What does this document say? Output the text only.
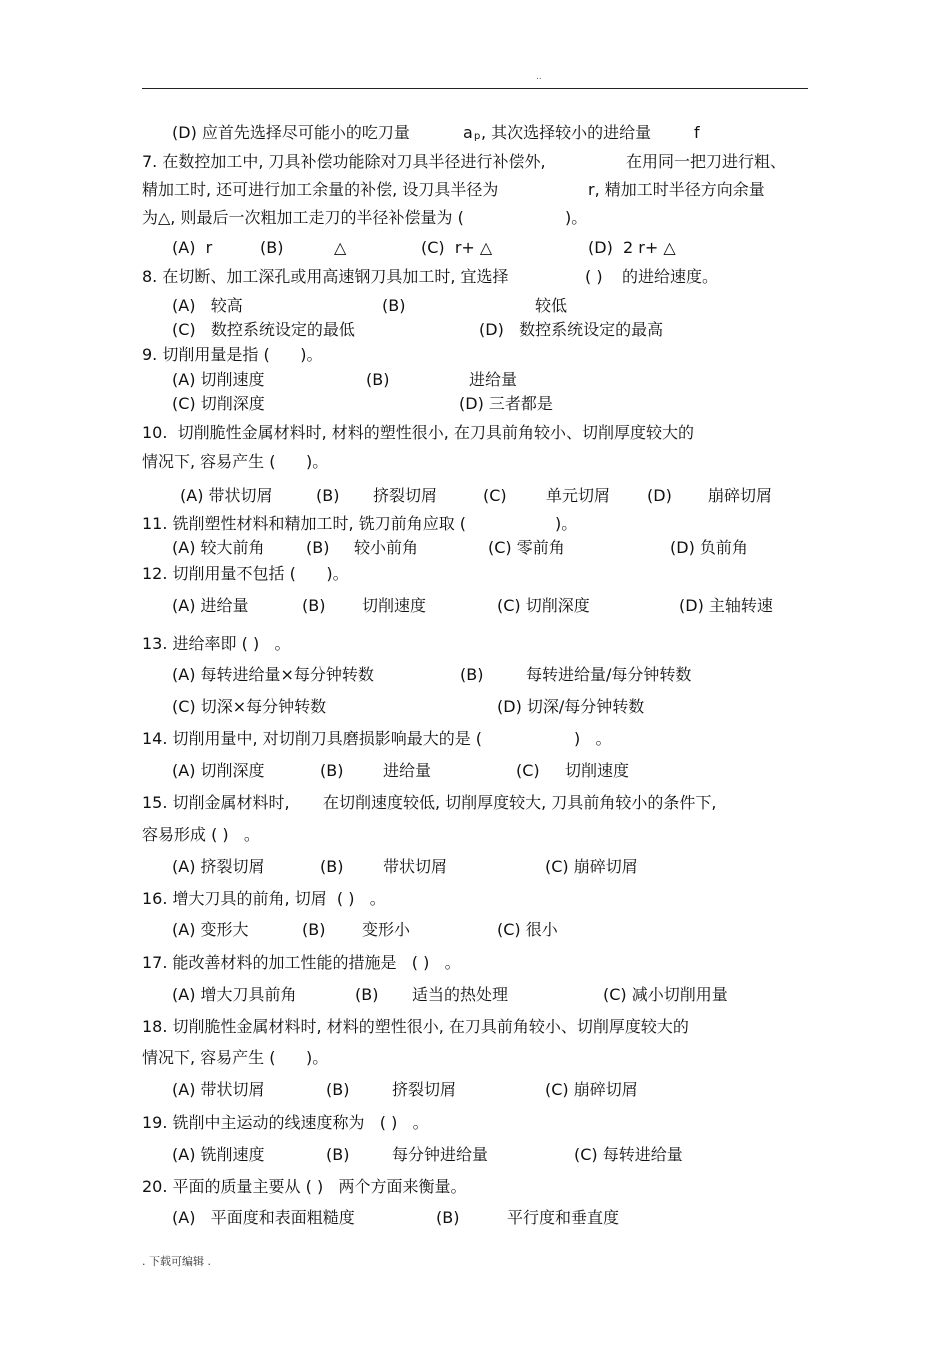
..
(D) 应首先选择尽可能小的吃刀量	a p , 其次选择较小的进给量	f
7. 在数控加工中, 刀具补偿功能除对刀具半径进行补偿外,	在用同一把刀进行粗、
精加工时, 还可进行加工余量的补偿, 设刀具半径为	r, 精加工时半径方向余量
为△, 则最后一次粗加工走刀的半径补偿量为 (	)。
(A)  r	(B)	△	(C)  r+ △	(D)  2 r+ △
8. 在切断、加工深孔或用高速钢刀具加工时, 宜选择	( ) 的进给速度。
(A)   较高	(B)	较低
(C)   数控系统设定的最低	(D)   数控系统设定的最高
9. 切削用量是指 (      )。
(A) 切削速度	(B)	进给量
(C) 切削深度	(D) 三者都是
10.  切削脆性金属材料时, 材料的塑性很小, 在刀具前角较小、切削厚度较大的
情况下, 容易产生 (      )。
(A) 带状切屑	(B) 挤裂切屑	(C) 单元切屑 (D) 崩碎切屑
11. 铣削塑性材料和精加工时, 铣刀前角应取 (	)。
(A) 较大前角	(B) 较小前角	(C) 零前角	(D) 负前角
12. 切削用量不包括 (      )。
(A) 进给量	(B) 切削速度	(C) 切削深度	(D) 主轴转速
13. 进给率即 ( )   。
(A) 每转进给量×每分钟转数	(B)	每转进给量/每分钟转数
(C) 切深×每分钟转数	(D) 切深/每分钟转数
14. 切削用量中, 对切削刀具磨损影响最大的是 (	)   。
(A) 切削深度	(B) 进给量	(C) 切削速度
15. 切削金属材料时, 在切削速度较低, 切削厚度较大, 刀具前角较小的条件下,
容易形成 ( )   。
(A) 挤裂切屑	(B) 带状切屑	(C) 崩碎切屑
16. 增大刀具的前角, 切屑  ( )   。
(A) 变形大	(B) 变形小	(C) 很小
17. 能改善材料的加工性能的措施是   ( )   。
(A) 增大刀具前角	(B) 适当的热处理	(C) 减小切削用量
18. 切削脆性金属材料时, 材料的塑性很小, 在刀具前角较小、切削厚度较大的
情况下, 容易产生 (      )。
(A) 带状切屑	(B)	挤裂切屑	(C) 崩碎切屑
19. 铣削中主运动的线速度称为   ( )   。
(A) 铣削速度	(B)	每分钟进给量	(C) 每转进给量
20. 平面的质量主要从 ( )   两个方面来衡量。
(A)   平面度和表面粗糙度	(B)	平行度和垂直度
. 下载可编辑 .
